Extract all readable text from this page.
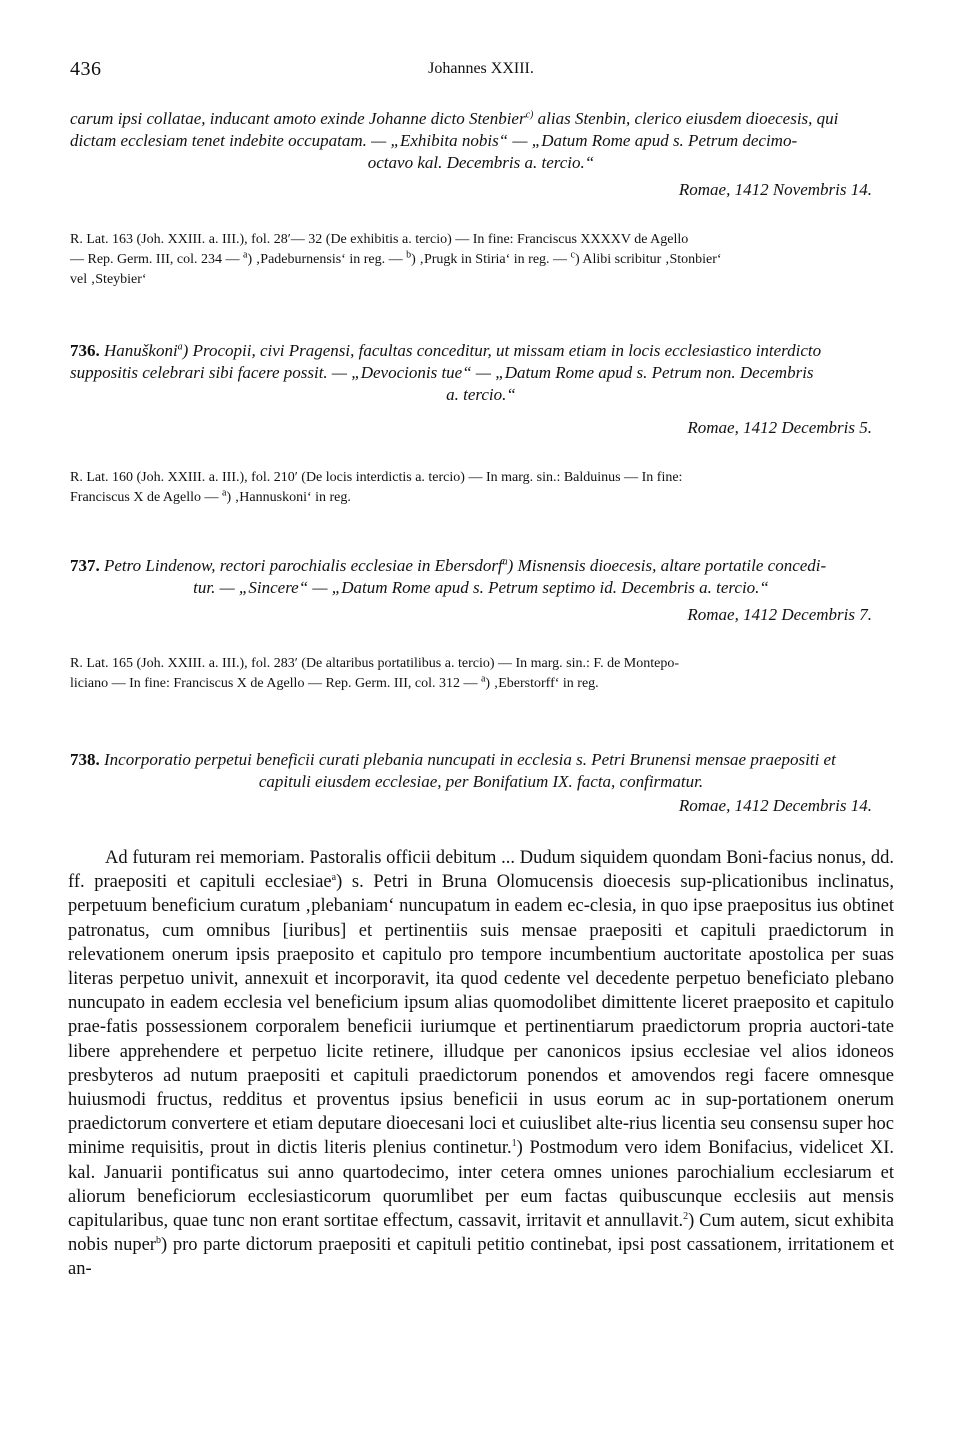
436	Johannes XXIII.
carum ipsi collatae, inducant amoto exinde Johanne dicto Stenbier$^{c)}$ alias Stenbin, clerico eiusdem dioecesis, qui
dictam ecclesiam tenet indebite occupatam. — „Exhibita nobis“ — „Datum Rome apud s. Petrum decimo-
octavo kal. Decembris a. tercio.“
Romae, 1412 Novembris 14.
R. Lat. 163 (Joh. XXIII. a. III.), fol. 28′— 32 (De exhibitis a. tercio) — In fine: Franciscus XXXXV de Agello
— Rep. Germ. III, col. 234 — $^a$) ‚Padeburnensis‘ in reg. — $^b$) ‚Prugk in Stiria‘ in reg. — $^c$) Alibi scribitur ‚Stonbier‘
vel ‚Steybier‘
736. Hanuškoni$^a$) Procopii, civi Pragensi, facultas conceditur, ut missam etiam in locis ecclesiastico interdicto
suppositis celebrari sibi facere possit. — „Devocionis tue“ — „Datum Rome apud s. Petrum non. Decembris
a. tercio.“
Romae, 1412 Decembris 5.
R. Lat. 160 (Joh. XXIII. a. III.), fol. 210′ (De locis interdictis a. tercio) — In marg. sin.: Balduinus — In fine:
Franciscus X de Agello — $^a$) ‚Hannuskoni‘ in reg.
737. Petro Lindenow, rectori parochialis ecclesiae in Ebersdorf$^a$) Misnensis dioecesis, altare portatile concedi-
tur. — „Sincere“ — „Datum Rome apud s. Petrum septimo id. Decembris a. tercio.“
Romae, 1412 Decembris 7.
R. Lat. 165 (Joh. XXIII. a. III.), fol. 283′ (De altaribus portatilibus a. tercio) — In marg. sin.: F. de Montepo-
liciano — In fine: Franciscus X de Agello — Rep. Germ. III, col. 312 — $^a$) ‚Eberstorff‘ in reg.
738. Incorporatio perpetui beneficii curati plebania nuncupati in ecclesia s. Petri Brunensi mensae praepositi et
capituli eiusdem ecclesiae, per Bonifatium IX. facta, confirmatur.
Romae, 1412 Decembris 14.
Ad futuram rei memoriam. Pastoralis officii debitum ... Dudum siquidem quondam Boni-facius nonus, dd. ff. praepositi et capituli ecclesiae$^a$) s. Petri in Bruna Olomucensis dioecesis sup-plicationibus inclinatus, perpetuum beneficium curatum ‚plebaniam‘ nuncupatum in eadem ec-clesia, in quo ipse praepositus ius obtinet patronatus, cum omnibus [iuribus] et pertinentiis suis mensae praepositi et capituli praedictorum in relevationem onerum ipsis praeposito et capitulo pro tempore incumbentium auctoritate apostolica per suas literas perpetuo univit, annexuit et incorporavit, ita quod cedente vel decedente perpetuo beneficiato plebano nuncupato in eadem ecclesia vel beneficium ipsum alias quomodolibet dimittente liceret praeposito et capitulo prae-fatis possessionem corporalem beneficii iuriumque et pertinentiarum praedictorum propria auctori-tate libere apprehendere et perpetuo licite retinere, illudque per canonicos ipsius ecclesiae vel alios idoneos presbyteros ad nutum praepositi et capituli praedictorum ponendos et amovendos regi facere omnesque huiusmodi fructus, redditus et proventus ipsius beneficii in usus eorum ac in sup-portationem onerum praedictorum convertere et etiam deputare dioecesani loci et cuiuslibet alte-rius licentia seu consensu super hoc minime requisitis, prout in dictis literis plenius continetur.$^1$) Postmodum vero idem Bonifacius, videlicet XI. kal. Januarii pontificatus sui anno quartodecimo, inter cetera omnes uniones parochialium ecclesiarum et aliorum beneficiorum ecclesiasticorum quorumlibet per eum factas quibuscunque ecclesiis aut mensis capitularibus, quae tunc non erant sortitae effectum, cassavit, irritavit et annullavit.$^2$) Cum autem, sicut exhibita nobis nuper$^b$) pro parte dictorum praepositi et capituli petitio continebat, ipsi post cassationem, irritationem et an-
